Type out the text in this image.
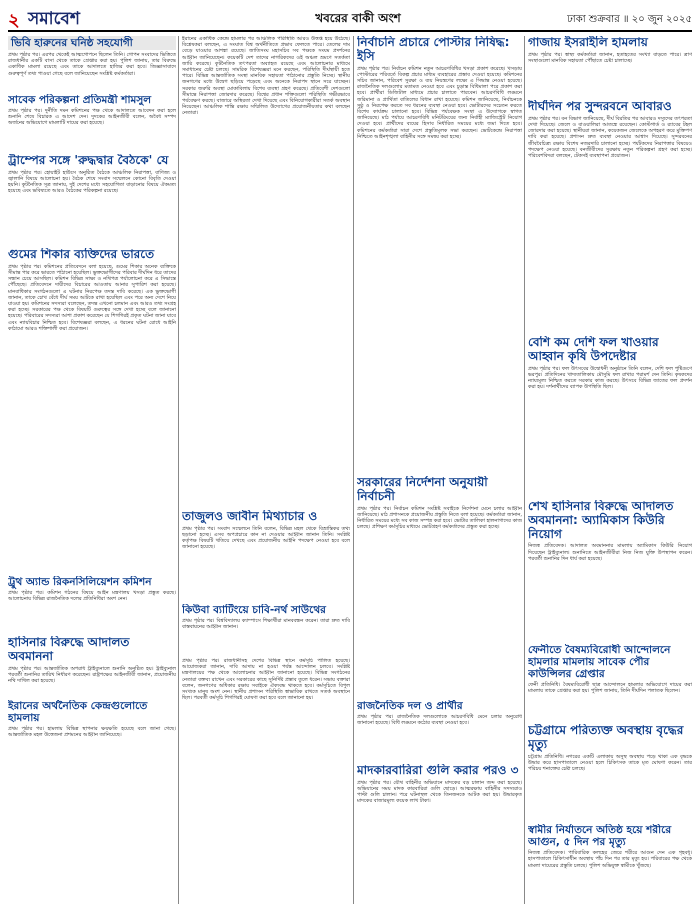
২ সমাবেশ	খবরের বাকী অংশ	ঢাকা শুক্রবার ॥ ২০ জুন ২০২৫
ভিবি হারুনের ঘনিষ্ঠ সহযোগী

প্রথম পৃষ্ঠার পর। এরপর থেকেই আত্মগোপনে ছিলেন তিনি। গোপন সংবাদের ভিত্তিতে রাজধানীর একটি বাসা থেকে তাকে গ্রেপ্তার করা হয়। পুলিশ জানায়, তার বিরুদ্ধে একাধিক মামলা রয়েছে এবং তাকে আদালতে হাজির করা হবে। জিজ্ঞাসাবাদে গুরুত্বপূর্ণ তথ্য পাওয়া গেছে বলে জানিয়েছেন সংশ্লিষ্ট কর্মকর্তারা।

সাবেক পরিকল্পনা প্রতিমন্ত্রী শামসুল

প্রথম পৃষ্ঠার পর। দুর্নীতি দমন কমিশনের পক্ষ থেকে আদালতে আবেদন করা হলে শুনানি শেষে বিচারক এ আদেশ দেন। দুদকের আইনজীবী বলেন, অবৈধ সম্পদ অর্জনের অভিযোগে মামলাটি দায়ের করা হয়েছে।

ট্রাম্পের সঙ্গে 'রুদ্ধদ্বার বৈঠকে' যে

প্রথম পৃষ্ঠার পর। হোয়াইট হাউসে অনুষ্ঠিত বৈঠকে আঞ্চলিক নিরাপত্তা, বাণিজ্য ও জ্বালানি বিষয়ে আলোচনা হয়। বৈঠক শেষে সংবাদ সম্মেলনে কোনো বিবৃতি দেওয়া হয়নি। কূটনৈতিক সূত্র জানায়, দুই দেশের মধ্যে সহযোগিতা বাড়ানোর বিষয়ে ঐকমত্য হয়েছে এবং ভবিষ্যতে আরও বৈঠকের পরিকল্পনা রয়েছে।

গুমের শিকার ব্যক্তিদের ভারতে

প্রথম পৃষ্ঠার পর। কমিশনের প্রতিবেদনে বলা হয়েছে, গুমের শিকার অনেক ব্যক্তিকে সীমান্ত পার করে ভারতে পাঠানো হয়েছিল। ভুক্তভোগীদের পরিবার দীর্ঘদিন ধরে তাদের সন্ধান চেয়ে আসছিল। কমিশন বিভিন্ন সাক্ষ্য ও নথিপত্র পর্যালোচনা করে এ সিদ্ধান্তে পৌঁছেছে। প্রতিবেদনে দায়ীদের বিচারের আওতায় আনার সুপারিশ করা হয়েছে। মানবাধিকার সংগঠনগুলো এ ঘটনার নিরপেক্ষ তদন্ত দাবি করেছে। এক ভুক্তভোগী জানান, তাকে চোখ বেঁধে দীর্ঘ সময় আটকে রাখা হয়েছিল এবং পরে অন্য দেশে নিয়ে যাওয়া হয়। কমিশনের সদস্যরা বলেছেন, তদন্ত এখনো চলমান এবং আরও তথ্য সংগ্রহ করা হচ্ছে। সরকারের পক্ষ থেকে বিষয়টি গুরুত্বের সঙ্গে দেখা হচ্ছে বলে জানানো হয়েছে। পরিবারের সদস্যরা আশা প্রকাশ করেছেন যে শিগগিরই প্রকৃত ঘটনা জানা যাবে এবং ন্যায়বিচার নিশ্চিত হবে। বিশেষজ্ঞরা বলছেন, এ ধরনের ঘটনা রোধে আইনি কাঠামো আরও শক্তিশালী করা প্রয়োজন।

ট্রুথ অ্যান্ড রিকনসিলিয়েশন কমিশন

প্রথম পৃষ্ঠার পর। কমিশন গঠনের বিষয়ে আইন মন্ত্রণালয় খসড়া প্রস্তুত করছে। আলোচনায় বিভিন্ন রাজনৈতিক দলের প্রতিনিধিরা অংশ নেন।

হাসিনার বিরুদ্ধে আদালত অবমাননা

প্রথম পৃষ্ঠার পর। আন্তর্জাতিক অপরাধ ট্রাইব্যুনালে শুনানি অনুষ্ঠিত হয়। ট্রাইব্যুনাল পরবর্তী শুনানির তারিখ নির্ধারণ করেছেন। রাষ্ট্রপক্ষের আইনজীবী জানান, প্রয়োজনীয় নথি দাখিল করা হয়েছে।

ইরানের অর্থনৈতিক কেন্দ্রগুলোতে হামলায়

প্রথম পৃষ্ঠার পর। হামলায় বিভিন্ন স্থাপনার ক্ষয়ক্ষতি হয়েছে বলে জানা গেছে। আন্তর্জাতিক মহল উত্তেজনা প্রশমনের আহ্বান জানিয়েছে।

ইরানের একাধিক কেন্দ্রে হামলার পর আঞ্চলিক পরিস্থিতি আরও উত্তপ্ত হয়ে উঠেছে। বিশ্লেষকরা বলছেন, এ সংঘাত বিশ্ব অর্থনীতিতে প্রভাব ফেলতে পারে। তেলের দাম বেড়ে যাওয়ার আশঙ্কা রয়েছে। জাতিসংঘ মহাসচিব সব পক্ষকে সংযম প্রদর্শনের আহ্বান জানিয়েছেন। কয়েকটি দেশ তাদের নাগরিকদের ওই অঞ্চল ভ্রমণে সতর্কতা জারি করেছে। কূটনৈতিক তৎপরতা অব্যাহত রয়েছে এবং আলোচনার মাধ্যমে সমাধানের চেষ্টা চলছে। সামরিক বিশেষজ্ঞরা মনে করছেন, পরিস্থিতি দীর্ঘস্থায়ী হতে পারে। বিভিন্ন আন্তর্জাতিক সংস্থা মানবিক সহায়তা পাঠানোর প্রস্তুতি নিচ্ছে। স্থানীয় জনগণের মধ্যে উদ্বেগ ছড়িয়ে পড়েছে এবং অনেকে নিরাপদ স্থানে সরে যাচ্ছেন। সরকার জরুরি অবস্থা মোকাবিলায় বিশেষ ব্যবস্থা গ্রহণ করেছে। প্রতিবেশী দেশগুলো সীমান্তে নিরাপত্তা জোরদার করেছে। বিশ্বের প্রধান শক্তিগুলো পরিস্থিতি গভীরভাবে পর্যবেক্ষণ করছে। বাজারে অস্থিরতা দেখা দিয়েছে এবং বিনিয়োগকারীরা সতর্ক অবস্থান নিয়েছেন। আঞ্চলিক শান্তি রক্ষায় সম্মিলিত উদ্যোগের প্রয়োজনীয়তার কথা বলছেন নেতারা।

তাজুলও জাবীন মিথ্যাচার ও

প্রথম পৃষ্ঠার পর। সংবাদ সম্মেলনে তিনি বলেন, বিভিন্ন মহল থেকে বিভ্রান্তিকর তথ্য ছড়ানো হচ্ছে। এসব অপপ্রচারে কান না দেওয়ার আহ্বান জানান তিনি। সংশ্লিষ্ট কর্তৃপক্ষ বিষয়টি খতিয়ে দেখছে এবং প্রয়োজনীয় আইনি পদক্ষেপ নেওয়া হবে বলে জানানো হয়েছে।

কিউবা ব্যাটিংয়ে চাবি-নর্থ সাউথের

প্রথম পৃষ্ঠার পর। বিশ্ববিদ্যালয় ক্যাম্পাসে শিক্ষার্থীরা মানববন্ধন করেন। তারা দ্রুত দাবি বাস্তবায়নের আহ্বান জানান।

প্রথম পৃষ্ঠার পর। রাজধানীসহ দেশের বিভিন্ন স্থানে কর্মসূচি পালিত হয়েছে। আয়োজকরা জানান, দাবি আদায় না হওয়া পর্যন্ত আন্দোলন চলবে। সংশ্লিষ্ট মন্ত্রণালয়ের পক্ষ থেকে আলোচনার আহ্বান জানানো হয়েছে। বিভিন্ন সংগঠনের নেতারা বক্তব্য রাখেন এবং সরকারের কাছে সুনির্দিষ্ট প্রস্তাব তুলে ধরেন। সভায় বক্তারা বলেন, জনগণের অধিকার রক্ষায় সবাইকে ঐক্যবদ্ধ থাকতে হবে। কর্মসূচিতে বিপুল সংখ্যক মানুষ অংশ নেন। স্থানীয় প্রশাসন পরিস্থিতি স্বাভাবিক রাখতে সতর্ক অবস্থানে ছিল। পরবর্তী কর্মসূচি শিগগিরই ঘোষণা করা হবে বলে জানানো হয়।

নির্বাচনি প্রচারে পোস্টার নিষিদ্ধ: ইসি

প্রথম পৃষ্ঠার পর। নির্বাচন কমিশন নতুন আচরণবিধির খসড়া প্রকাশ করেছে। খসড়ায় পোস্টারের পরিবর্তে বিকল্প প্রচার মাধ্যম ব্যবহারের প্রস্তাব দেওয়া হয়েছে। কমিশনের সচিব জানান, পরিবেশ সুরক্ষা ও ব্যয় নিয়ন্ত্রণের লক্ষ্যে এ সিদ্ধান্ত নেওয়া হয়েছে। রাজনৈতিক দলগুলোর মতামত নেওয়া হবে এবং চূড়ান্ত বিধিমালা পরে প্রকাশ করা হবে। প্রার্থীরা ডিজিটাল মাধ্যমে প্রচার চালাতে পারবেন। আচরণবিধি লঙ্ঘনে জরিমানা ও প্রার্থিতা বাতিলের বিধান রাখা হয়েছে। কমিশন জানিয়েছে, নির্বাচনকে সুষ্ঠু ও নিরপেক্ষ করতে সব ধরনের ব্যবস্থা নেওয়া হবে। ভোটারদের সচেতন করতে বিশেষ কার্যক্রম চালানো হবে। বিভিন্ন পর্যবেক্ষক সংস্থা এ উদ্যোগকে স্বাগত জানিয়েছে। মাঠ পর্যায়ে আচরণবিধি মনিটরিংয়ের জন্য নির্বাহী ম্যাজিস্ট্রেট নিয়োগ দেওয়া হবে। প্রার্থীদের ব্যয়ের হিসাব নির্ধারিত সময়ের মধ্যে জমা দিতে হবে। কমিশনের কর্মকর্তারা সারা দেশে প্রস্তুতিমূলক সভা করছেন। ভোটকেন্দ্রে নিরাপত্তা নিশ্চিতে আইনশৃঙ্খলা বাহিনীর সঙ্গে সমন্বয় করা হচ্ছে।

সরকারের নির্দেশনা অনুযায়ী নির্বাচনী

প্রথম পৃষ্ঠার পর। নির্বাচন কমিশন সংশ্লিষ্ট সবাইকে নির্দেশনা মেনে চলার আহ্বান জানিয়েছে। মাঠ প্রশাসনকে প্রয়োজনীয় প্রস্তুতি নিতে বলা হয়েছে। কর্মকর্তারা জানান, নির্ধারিত সময়ের মধ্যে সব কাজ সম্পন্ন করা হবে। ভোটার তালিকা হালনাগাদের কাজ চলছে। প্রশিক্ষণ কর্মসূচির মাধ্যমে ভোটগ্রহণ কর্মকর্তাদের প্রস্তুত করা হচ্ছে।

রাজনৈতিক দল ও প্রার্থীর

প্রথম পৃষ্ঠার পর। রাজনৈতিক দলগুলোকে আচরণবিধি মেনে চলার অনুরোধ জানানো হয়েছে। বিধি লঙ্ঘনে কঠোর ব্যবস্থা নেওয়া হবে।

মাদকারবারিরা গুলি করার পরও ৩

প্রথম পৃষ্ঠার পর। যৌথ বাহিনীর অভিযানে মাদকের বড় চালান জব্দ করা হয়েছে। অভিযানের সময় মাদক কারবারিরা গুলি ছোড়ে। আত্মরক্ষায় বাহিনীর সদস্যরাও পাল্টা গুলি চালান। পরে ঘটনাস্থল থেকে তিনজনকে আটক করা হয়। উদ্ধারকৃত মাদকের বাজারমূল্য কয়েক লাখ টাকা।

গাজায় ইসরাইলি হামলায়

প্রথম পৃষ্ঠার পর। স্বাস্থ্য কর্মকর্তারা জানান, হতাহতের সংখ্যা বাড়তে পারে। ত্রাণ সংস্থাগুলো মানবিক সহায়তা পৌঁছাতে চেষ্টা চালাচ্ছে।

দীর্ঘদিন পর সুন্দরবনে আবারও

প্রথম পৃষ্ঠার পর। বন বিভাগ জানিয়েছে, দীর্ঘ বিরতির পর আবারও দস্যুদের তৎপরতা দেখা দিয়েছে। জেলে ও বাওয়ালিরা আতঙ্কে রয়েছেন। কোস্টগার্ড ও র‍্যাবের টহল জোরদার করা হয়েছে। স্থানীয়রা জানান, কয়েকজন জেলেকে অপহরণ করে মুক্তিপণ দাবি করা হয়েছে। প্রশাসন দ্রুত ব্যবস্থা নেওয়ার আশ্বাস দিয়েছে। সুন্দরবনের জীববৈচিত্র্য রক্ষায় বিশেষ নজরদারি চালানো হচ্ছে। পর্যটকদের নিরাপত্তার বিষয়েও পদক্ষেপ নেওয়া হয়েছে। বনজীবীদের সুরক্ষায় নতুন পরিকল্পনা গ্রহণ করা হচ্ছে। পরিবেশবিদরা বলছেন, টেকসই ব্যবস্থাপনা প্রয়োজন।

বেশি কম দেশি ফল খাওয়ার আহ্বান কৃষি উপদেষ্টার

প্রথম পৃষ্ঠার পর। ফল উৎসবের উদ্বোধনী অনুষ্ঠানে তিনি বলেন, দেশি ফল পুষ্টিগুণে ভরপুর। প্রতিদিনের খাদ্যতালিকায় মৌসুমি ফল রাখার পরামর্শ দেন তিনি। কৃষকদের ন্যায্যমূল্য নিশ্চিত করতে সরকার কাজ করছে। উৎসবে বিভিন্ন জাতের ফল প্রদর্শন করা হয়। দর্শনার্থীদের ব্যাপক উপস্থিতি ছিল।

শেখ হাসিনার বিরুদ্ধে আদালত অবমাননা: অ্যামিকাস কিউরি নিয়োগ

নিজস্ব প্রতিবেদক। আদালত অবমাননার মামলায় অ্যামিকাস কিউরি নিয়োগ দিয়েছেন ট্রাইব্যুনাল। শুনানিতে আইনজীবীরা নিজ নিজ যুক্তি উপস্থাপন করেন। পরবর্তী শুনানির দিন ধার্য করা হয়েছে।

ফেনীতে বৈষম্যবিরোধী আন্দোলনে হামলার মামলায় সাবেক পৌর কাউন্সিলর গ্রেপ্তার

ফেনী প্রতিনিধি। বৈষম্যবিরোধী ছাত্র আন্দোলনে হামলার অভিযোগে দায়ের করা মামলায় তাকে গ্রেপ্তার করা হয়। পুলিশ জানায়, তিনি দীর্ঘদিন পলাতক ছিলেন।

চট্টগ্রামে পরিত্যক্ত অবস্থায় বৃদ্ধের মৃত্যু

চট্টগ্রাম প্রতিনিধি। নগরের একটি এলাকায় অসুস্থ অবস্থায় পড়ে থাকা এক বৃদ্ধকে উদ্ধার করে হাসপাতালে নেওয়া হলে চিকিৎসক তাকে মৃত ঘোষণা করেন। তার পরিচয় শনাক্তের চেষ্টা চলছে।

স্বামীর নির্যাতনে অতিষ্ঠ হয়ে শরীরে আগুন, ৫ দিন পর মৃত্যু

নিজস্ব প্রতিবেদক। পারিবারিক কলহের জেরে শরীরে আগুন দেন এক গৃহবধূ। হাসপাতালে চিকিৎসাধীন অবস্থায় পাঁচ দিন পর তার মৃত্যু হয়। পরিবারের পক্ষ থেকে মামলা দায়েরের প্রস্তুতি চলছে। পুলিশ অভিযুক্ত স্বামীকে খুঁজছে।
